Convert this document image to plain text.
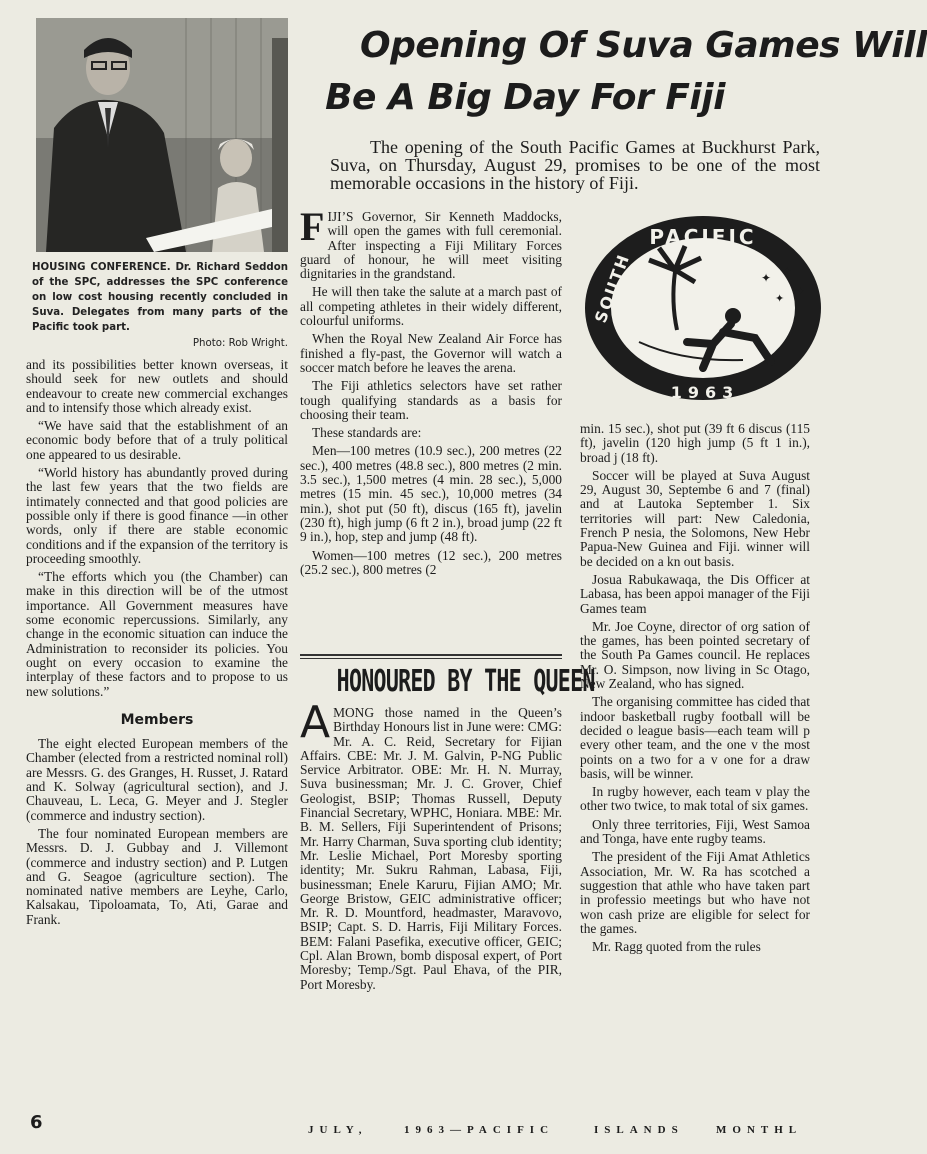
HOUSING CONFERENCE. Dr. Richard Seddon of the SPC, addresses the SPC conference on low cost housing recently concluded in Suva. Delegates from many parts of the Pacific took part.
Photo: Rob Wright.

and its possibilities better known overseas, it should seek for new outlets and should endeavour to create new commercial exchanges and to intensify those which already exist.

“We have said that the establishment of an economic body before that of a truly political one appeared to us desirable.

“World history has abundantly proved during the last few years that the two fields are intimately connected and that good policies are possible only if there is good finance —in other words, only if there are stable economic conditions and if the expansion of the territory is proceeding smoothly.

“The efforts which you (the Chamber) can make in this direction will be of the utmost importance. All Government measures have some economic repercussions. Similarly, any change in the economic situation can induce the Administration to reconsider its policies. You ought on every occasion to examine the interplay of these factors and to propose to us new solutions.”

Members

The eight elected European members of the Chamber (elected from a restricted nominal roll) are Messrs. G. des Granges, H. Russet, J. Ratard and K. Solway (agricultural section), and J. Chauveau, L. Leca, G. Meyer and J. Stegler (commerce and industry section).

The four nominated European members are Messrs. D. J. Gubbay and J. Villemont (commerce and industry section) and P. Lutgen and G. Seagoe (agriculture section). The nominated native members are Leyhe, Carlo, Kalsakau, Tipoloamata, To, Ati, Garae and Frank.

Opening Of Suva Games Will
Be A Big Day For Fiji

The opening of the South Pacific Games at Buckhurst Park, Suva, on Thursday, August 29, promises to be one of the most memorable occasions in the history of Fiji.

F IJI’S Governor, Sir Kenneth Maddocks, will open the games with full ceremonial. After inspecting a Fiji Military Forces guard of honour, he will meet visiting dignitaries in the grandstand.

He will then take the salute at a march past of all competing athletes in their widely different, colourful uniforms.

When the Royal New Zealand Air Force has finished a fly-past, the Governor will watch a soccer match before he leaves the arena.

The Fiji athletics selectors have set rather tough qualifying standards as a basis for choosing their team.

These standards are:

Men—100 metres (10.9 sec.), 200 metres (22 sec.), 400 metres (48.8 sec.), 800 metres (2 min. 3.5 sec.), 1,500 metres (4 min. 28 sec.), 5,000 metres (15 min. 45 sec.), 10,000 metres (34 min.), shot put (50 ft), discus (165 ft), javelin (230 ft), high jump (6 ft 2 in.), broad jump (22 ft 9 in.), hop, step and jump (48 ft).

Women—100 metres (12 sec.), 200 metres (25.2 sec.), 800 metres (2

HONOURED BY THE QUEEN

A MONG those named in the Queen’s Birthday Honours list in June were: CMG: Mr. A. C. Reid, Secretary for Fijian Affairs. CBE: Mr. J. M. Galvin, P-NG Public Service Arbitrator. OBE: Mr. H. N. Murray, Suva businessman; Mr. J. C. Grover, Chief Geologist, BSIP; Thomas Russell, Deputy Financial Secretary, WPHC, Honiara. MBE: Mr. B. M. Sellers, Fiji Superintendent of Prisons; Mr. Harry Charman, Suva sporting club identity; Mr. Leslie Michael, Port Moresby sporting identity; Mr. Sukru Rahman, Labasa, Fiji, businessman; Enele Karuru, Fijian AMO; Mr. George Bristow, GEIC administrative officer; Mr. R. D. Mountford, headmaster, Maravovo, BSIP; Capt. S. D. Harris, Fiji Military Forces. BEM: Falani Pasefika, executive officer, GEIC; Cpl. Alan Brown, bomb disposal expert, of Port Moresby; Temp./Sgt. Paul Ehava, of the PIR, Port Moresby.

PACIFIC
SOUTH
1963
✦ ✦
✦
✦

min. 15 sec.), shot put (39 ft 6 discus (115 ft), javelin (120 high jump (5 ft 1 in.), broad j (18 ft).

Soccer will be played at Suva August 29, August 30, Septembe 6 and 7 (final) and at Lautoka September 1. Six territories will part: New Caledonia, French P nesia, the Solomons, New Hebr Papua-New Guinea and Fiji. winner will be decided on a kn out basis.

Josua Rabukawaqa, the Dis Officer at Labasa, has been appoi manager of the Fiji Games team

Mr. Joe Coyne, director of org sation of the games, has been pointed secretary of the South Pa Games council. He replaces Mr. O. Simpson, now living in Sc Otago, New Zealand, who has signed.

The organising committee has cided that indoor basketball rugby football will be decided o league basis—each team will p every other team, and the one v the most points on a two for a v one for a draw basis, will be winner.

In rugby however, each team v play the other two twice, to mak total of six games.

Only three territories, Fiji, West Samoa and Tonga, have ente rugby teams.

The president of the Fiji Amat Athletics Association, Mr. W. Ra has scotched a suggestion that athle who have taken part in professio meetings but who have not won cash prize are eligible for select for the games.

Mr. Ragg quoted from the rules

6	JULY,	1963—PACIFIC	ISLANDS	MONTHL
